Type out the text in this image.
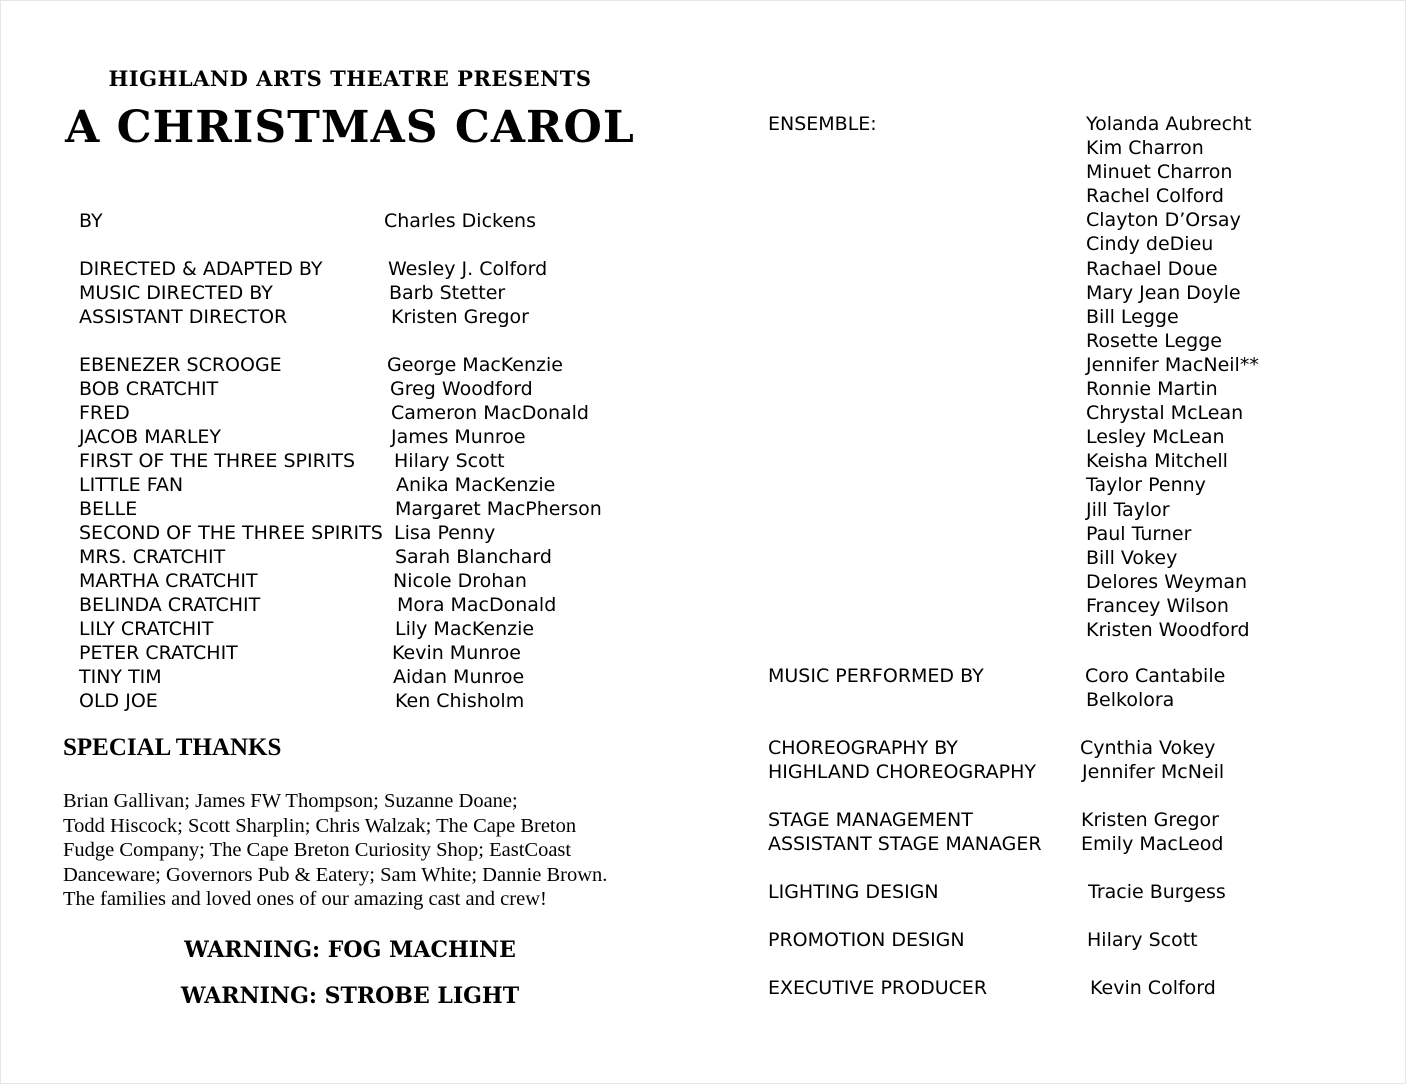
HIGHLAND ARTS THEATRE PRESENTS
A CHRISTMAS CAROL
BY	Charles Dickens
DIRECTED & ADAPTED BY	Wesley J. Colford
MUSIC DIRECTED BY	Barb Stetter
ASSISTANT DIRECTOR	Kristen Gregor
EBENEZER SCROOGE	George MacKenzie
BOB CRATCHIT	Greg Woodford
FRED	Cameron MacDonald
JACOB MARLEY	James Munroe
FIRST OF THE THREE SPIRITS Hilary Scott
LITTLE FAN	Anika MacKenzie
BELLE	Margaret MacPherson
SECOND OF THE THREE SPIRITS Lisa Penny
MRS. CRATCHIT	Sarah Blanchard
MARTHA CRATCHIT	Nicole Drohan
BELINDA CRATCHIT	Mora MacDonald
LILY CRATCHIT	Lily MacKenzie
PETER CRATCHIT	Kevin Munroe
TINY TIM	Aidan Munroe
OLD JOE	Ken Chisholm
SPECIAL THANKS
Brian Gallivan; James FW Thompson; Suzanne Doane;
Todd Hiscock; Scott Sharplin; Chris Walzak; The Cape Breton
Fudge Company; The Cape Breton Curiosity Shop; EastCoast
Danceware; Governors Pub & Eatery; Sam White; Dannie Brown.
The families and loved ones of our amazing cast and crew!
WARNING: FOG MACHINE
WARNING: STROBE LIGHT
ENSEMBLE:	Yolanda Aubrecht
Kim Charron
Minuet Charron
Rachel Colford
Clayton D’Orsay
Cindy deDieu
Rachael Doue
Mary Jean Doyle
Bill Legge
Rosette Legge
Jennifer MacNeil**
Ronnie Martin
Chrystal McLean
Lesley McLean
Keisha Mitchell
Taylor Penny
Jill Taylor
Paul Turner
Bill Vokey
Delores Weyman
Francey Wilson
Kristen Woodford
MUSIC PERFORMED BY	Coro Cantabile
Belkolora
CHOREOGRAPHY BY	Cynthia Vokey
HIGHLAND CHOREOGRAPHY Jennifer McNeil
STAGE MANAGEMENT	Kristen Gregor
ASSISTANT STAGE MANAGER Emily MacLeod
LIGHTING DESIGN	Tracie Burgess
PROMOTION DESIGN	Hilary Scott
EXECUTIVE PRODUCER	Kevin Colford
